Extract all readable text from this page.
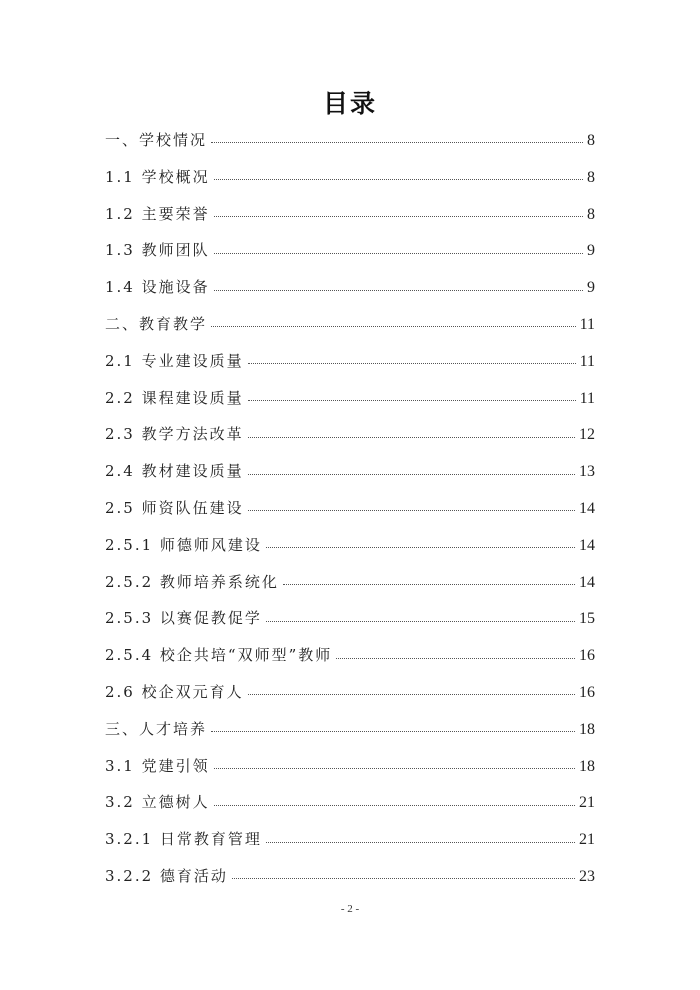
目录
一、学校情况	8
1.1 学校概况	8
1.2 主要荣誉	8
1.3 教师团队	9
1.4 设施设备	9
二、教育教学	11
2.1 专业建设质量	11
2.2 课程建设质量	11
2.3 教学方法改革	12
2.4 教材建设质量	13
2.5 师资队伍建设	14
2.5.1 师德师风建设	14
2.5.2 教师培养系统化	14
2.5.3 以赛促教促学	15
2.5.4 校企共培“双师型”教师	16
2.6 校企双元育人	16
三、人才培养	18
3.1 党建引领	18
3.2 立德树人	21
3.2.1 日常教育管理	21
3.2.2 德育活动	23
- 2 -
